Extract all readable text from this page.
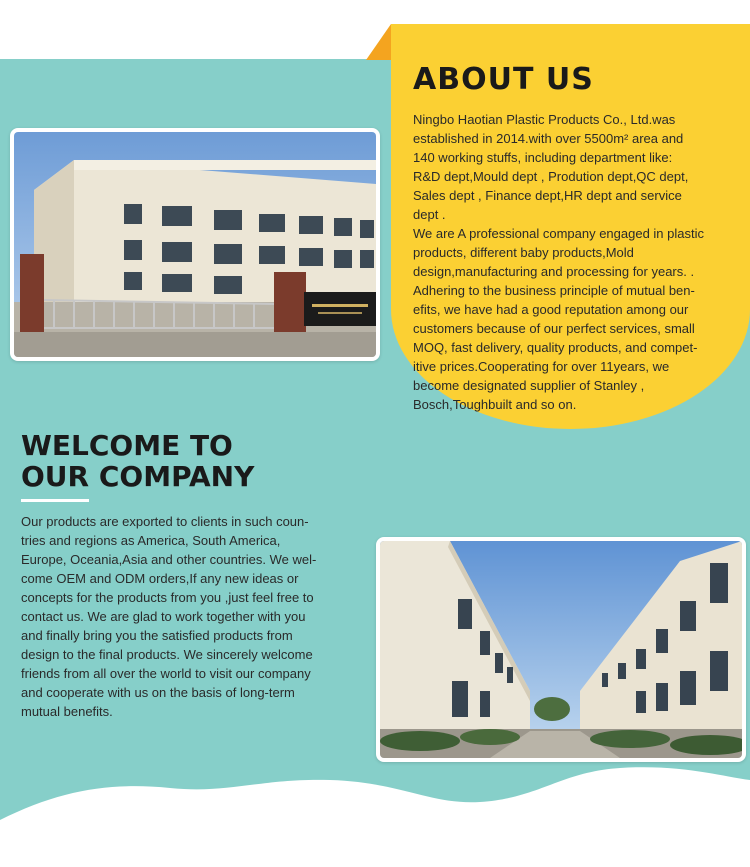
ABOUT US

Ningbo Haotian Plastic Products Co., Ltd.was

established in 2014.with over 5500m² area and

140 working stuffs, including department like:

R&D dept,Mould dept , Prodution dept,QC dept,

Sales dept , Finance dept,HR dept and service

dept .

We are A professional company engaged in plastic

products, different baby products,Mold

design,manufacturing and processing for years. .

Adhering to the business principle of mutual ben-

efits, we have had a good reputation among our

customers because of our perfect services, small

MOQ, fast delivery, quality products, and compet-

itive prices.Cooperating for over 11years, we

become designated supplier of Stanley ,

Bosch,Toughbuilt and so on.

WELCOME TO
OUR COMPANY

Our products are exported to clients in such coun-

tries and regions as America, South America,

Europe, Oceania,Asia and other countries. We wel-

come OEM and ODM orders,If any new ideas or

concepts for the products from you ,just feel free to

contact us. We are glad to work together with you

and finally bring you the satisfied products from

design to the final products. We sincerely welcome

friends from all over the world to visit our company

and cooperate with us on the basis of long-term

mutual benefits.
